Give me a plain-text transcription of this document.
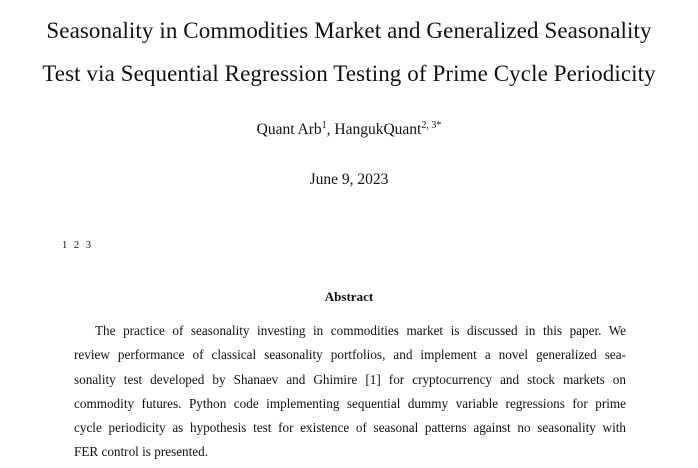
Seasonality in Commodities Market and Generalized Seasonality
Test via Sequential Regression Testing of Prime Cycle Periodicity
Quant Arb$^1$, HangukQuant$^{2, 3*}$
June 9, 2023
1 2 3
Abstract
The practice of seasonality investing in commodities market is discussed in this paper. We
review performance of classical seasonality portfolios, and implement a novel generalized sea-
sonality test developed by Shanaev and Ghimire [1] for cryptocurrency and stock markets on
commodity futures. Python code implementing sequential dummy variable regressions for prime
cycle periodicity as hypothesis test for existence of seasonal patterns against no seasonality with
FER control is presented.
